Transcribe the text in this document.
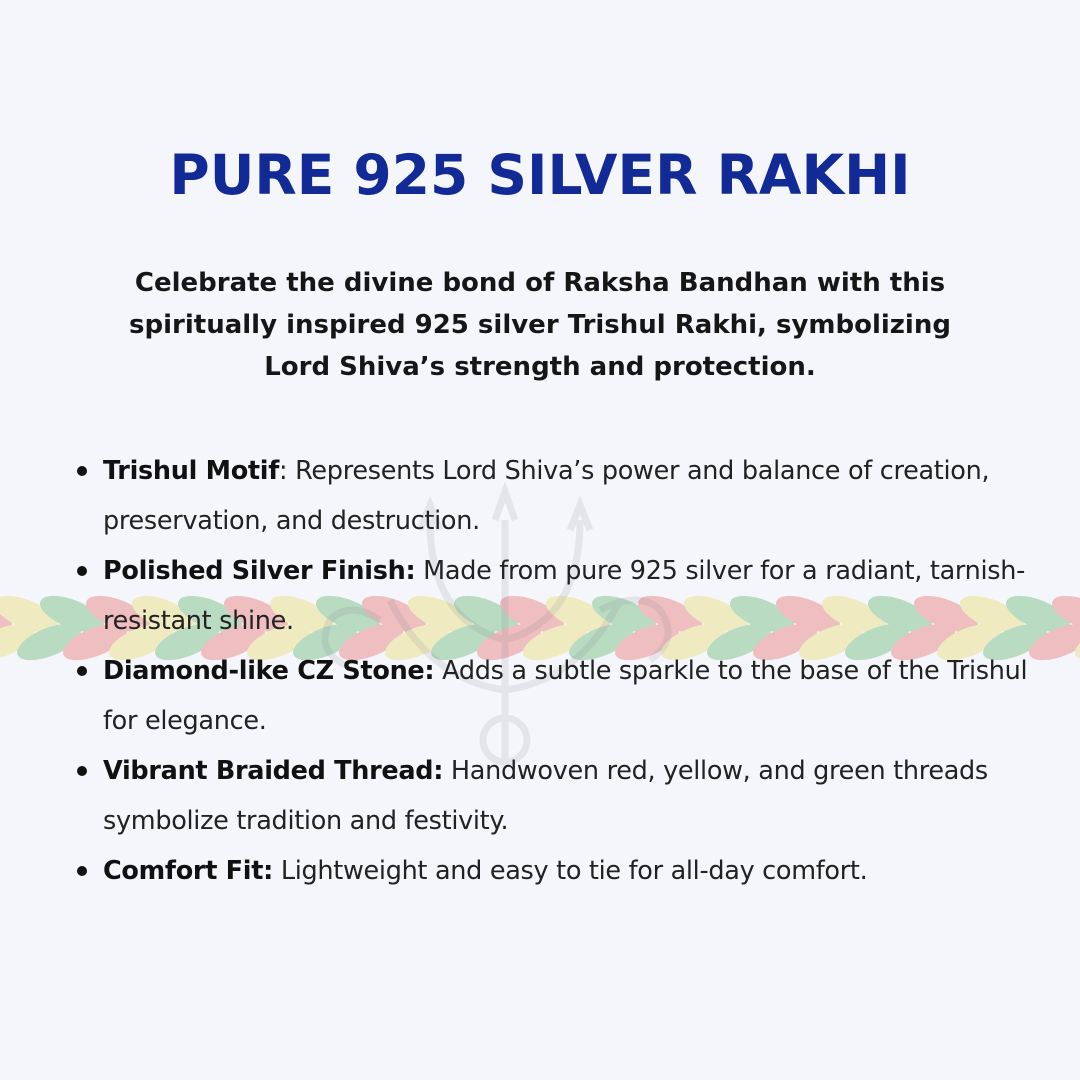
PURE 925 SILVER RAKHI

Celebrate the divine bond of Raksha Bandhan with this spiritually inspired 925 silver Trishul Rakhi, symbolizing Lord Shiva’s strength and protection.

Trishul Motif: Represents Lord Shiva’s power and balance of creation, preservation, and destruction.
Polished Silver Finish: Made from pure 925 silver for a radiant, tarnish-resistant shine.
Diamond-like CZ Stone: Adds a subtle sparkle to the base of the Trishul for elegance.
Vibrant Braided Thread: Handwoven red, yellow, and green threads symbolize tradition and festivity.
Comfort Fit: Lightweight and easy to tie for all-day comfort.
